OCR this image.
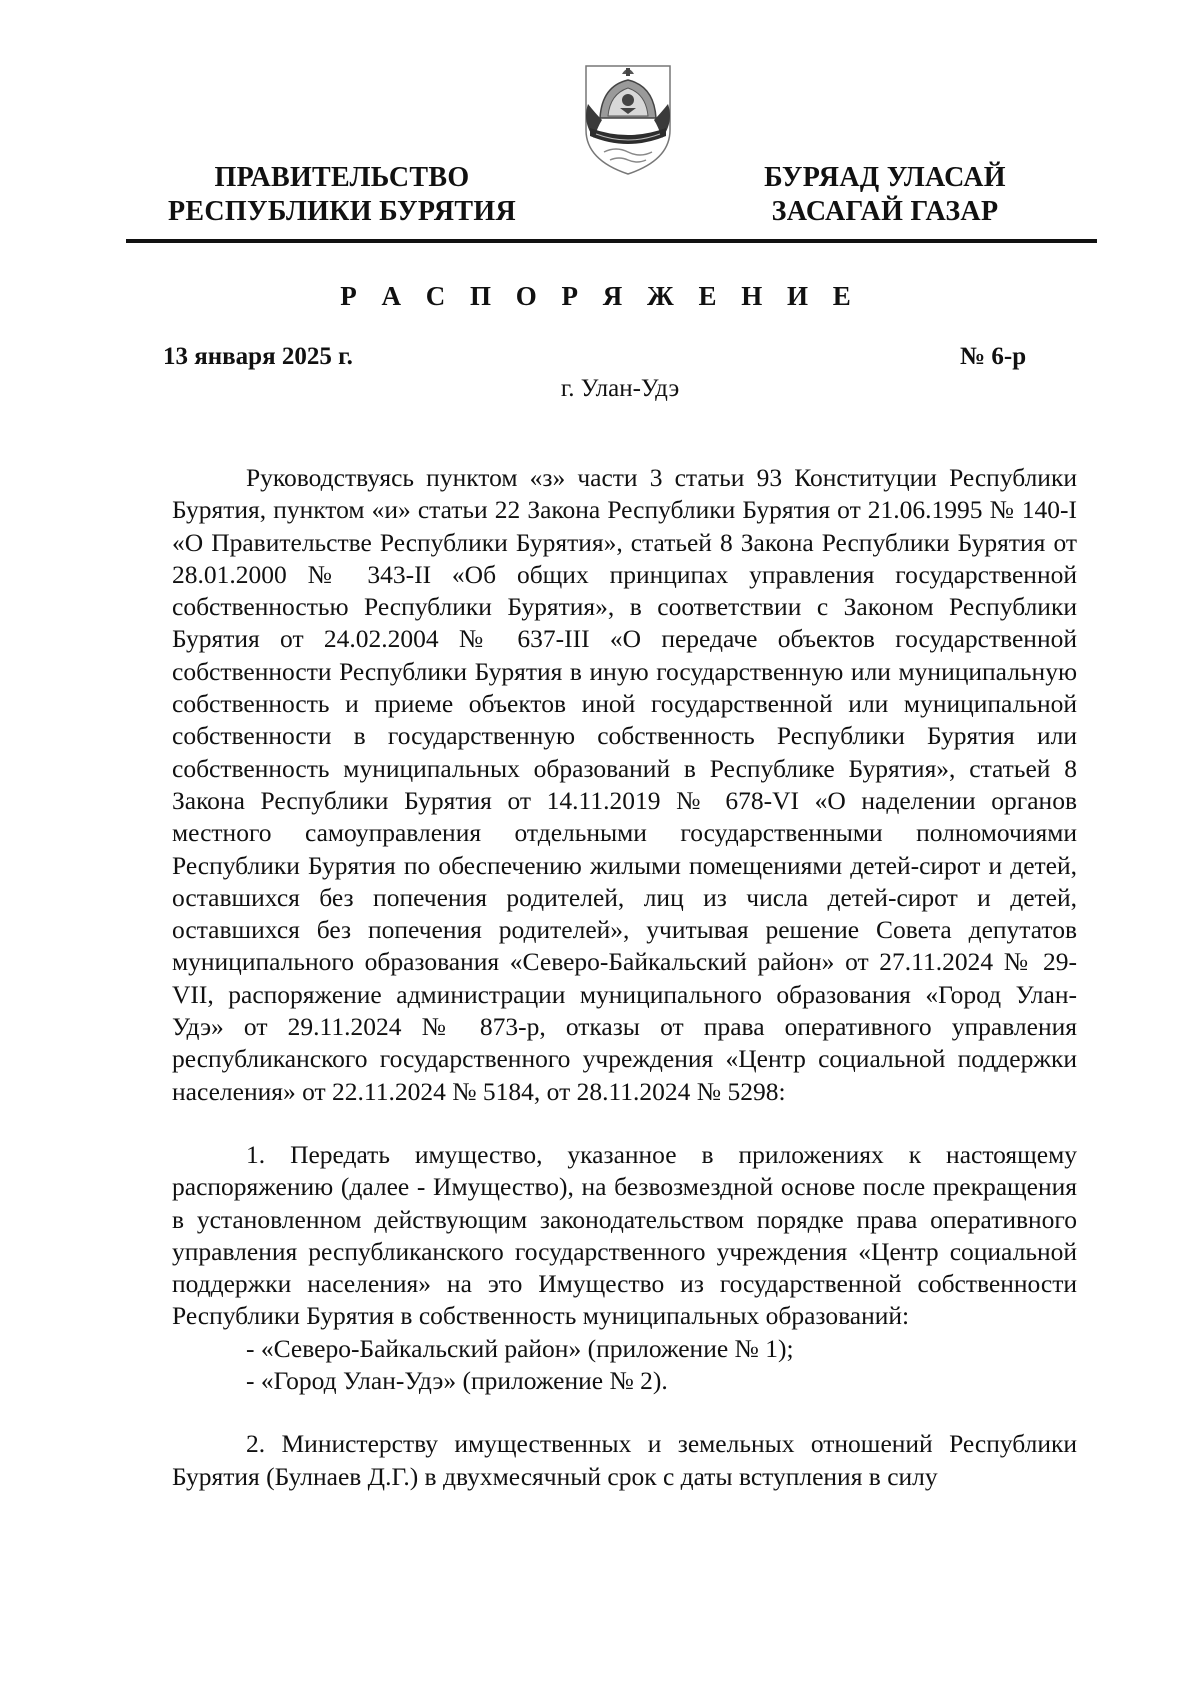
ПРАВИТЕЛЬСТВО
РЕСПУБЛИКИ БУРЯТИЯ
БУРЯАД УЛАСАЙ
ЗАСАГАЙ ГАЗАР
Р А С П О Р Я Ж Е Н И Е
13 января 2025 г.	№ 6-р
г. Улан-Удэ

Руководствуясь пунктом «з» части 3 статьи 93 Конституции Республики Бурятия, пунктом «и» статьи 22 Закона Республики Бурятия от 21.06.1995 № 140-I «О Правительстве Республики Бурятия», статьей 8 Закона Республики Бурятия от 28.01.2000 № 343-II «Об общих принципах управления государственной собственностью Республики Бурятия», в соответствии с Законом Республики Бурятия от 24.02.2004 № 637-III «О передаче объектов государственной собственности Республики Бурятия в иную государственную или муниципальную собственность и приеме объектов иной государственной или муниципальной собственности в государственную собственность Республики Бурятия или собственность муниципальных образований в Республике Бурятия», статьей 8 Закона Республики Бурятия от 14.11.2019 № 678-VI «О наделении органов местного самоуправления отдельными государственными полномочиями Республики Бурятия по обеспечению жилыми помещениями детей-сирот и детей, оставшихся без попечения родителей, лиц из числа детей-сирот и детей, оставшихся без попечения родителей», учитывая решение Совета депутатов муниципального образования «Северо-Байкальский район» от 27.11.2024 № 29-VII, распоряжение администрации муниципального образования «Город Улан-Удэ» от 29.11.2024 № 873-р, отказы от права оперативного управления республиканского государственного учреждения «Центр социальной поддержки населения» от 22.11.2024 № 5184, от 28.11.2024 № 5298:

1. Передать имущество, указанное в приложениях к настоящему распоряжению (далее - Имущество), на безвозмездной основе после прекращения в установленном действующим законодательством порядке права оперативного управления республиканского государственного учреждения «Центр социальной поддержки населения» на это Имущество из государственной собственности Республики Бурятия в собственность муниципальных образований:

- «Северо-Байкальский район» (приложение № 1);

- «Город Улан-Удэ» (приложение № 2).

2. Министерству имущественных и земельных отношений Республики Бурятия (Булнаев Д.Г.) в двухмесячный срок с даты вступления в силу
